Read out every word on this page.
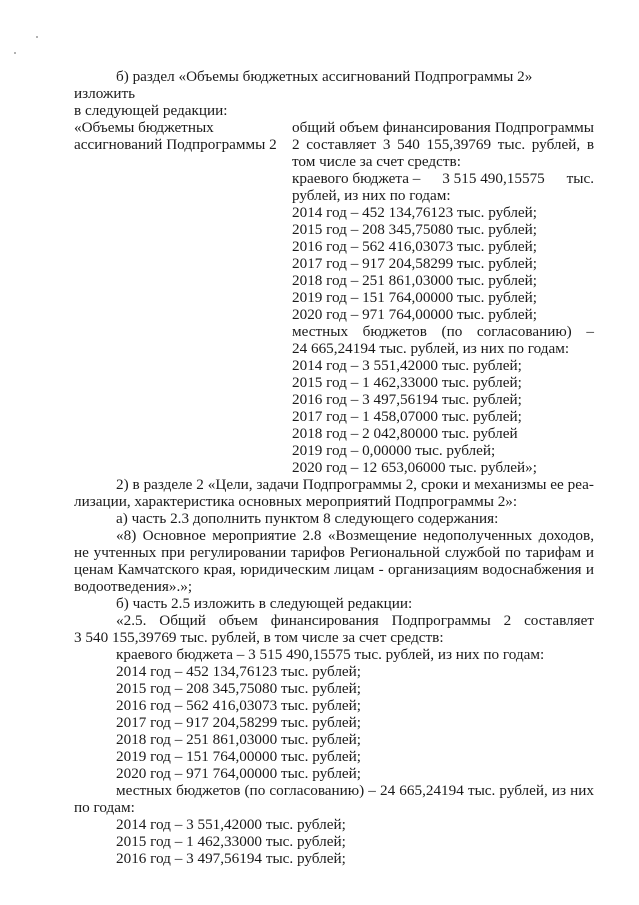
б) раздел «Объемы бюджетных ассигнований Подпрограммы 2» изложить

в следующей редакции:

«Объемы бюджетных

ассигнований Подпрограммы 2

общий объем финансирования Подпрограммы

2 составляет 3 540 155,39769 тыс. рублей, в

том числе за счет средств:

краевого бюджета – 3 515 490,15575 тыс.

рублей, из них по годам:

2014 год – 452 134,76123 тыс. рублей;

2015 год – 208 345,75080 тыс. рублей;

2016 год – 562 416,03073 тыс. рублей;

2017 год – 917 204,58299 тыс. рублей;

2018 год – 251 861,03000 тыс. рублей;

2019 год – 151 764,00000 тыс. рублей;

2020 год – 971 764,00000 тыс. рублей;

местных бюджетов (по согласованию) –

24 665,24194 тыс. рублей, из них по годам:

2014 год – 3 551,42000 тыс. рублей;

2015 год – 1 462,33000 тыс. рублей;

2016 год – 3 497,56194 тыс. рублей;

2017 год – 1 458,07000 тыс. рублей;

2018 год – 2 042,80000 тыс. рублей

2019 год – 0,00000 тыс. рублей;

2020 год – 12 653,06000 тыс. рублей»;

2) в разделе 2 «Цели, задачи Подпрограммы 2, сроки и механизмы ее реа-

лизации, характеристика основных мероприятий Подпрограммы 2»:

а) часть 2.3 дополнить пунктом 8 следующего содержания:

«8) Основное мероприятие 2.8 «Возмещение недополученных доходов, не учтенных при регулировании тарифов Региональной службой по тарифам и ценам Камчатского края, юридическим лицам - организациям водоснабжения и водоотведения».»;

б) часть 2.5 изложить в следующей редакции:

«2.5. Общий объем финансирования Подпрограммы 2 составляет

3 540 155,39769 тыс. рублей, в том числе за счет средств:

краевого бюджета – 3 515 490,15575 тыс. рублей, из них по годам:

2014 год – 452 134,76123 тыс. рублей;

2015 год – 208 345,75080 тыс. рублей;

2016 год – 562 416,03073 тыс. рублей;

2017 год – 917 204,58299 тыс. рублей;

2018 год – 251 861,03000 тыс. рублей;

2019 год – 151 764,00000 тыс. рублей;

2020 год – 971 764,00000 тыс. рублей;

местных бюджетов (по согласованию) – 24 665,24194 тыс. рублей, из них

по годам:

2014 год – 3 551,42000 тыс. рублей;

2015 год – 1 462,33000 тыс. рублей;

2016 год – 3 497,56194 тыс. рублей;
